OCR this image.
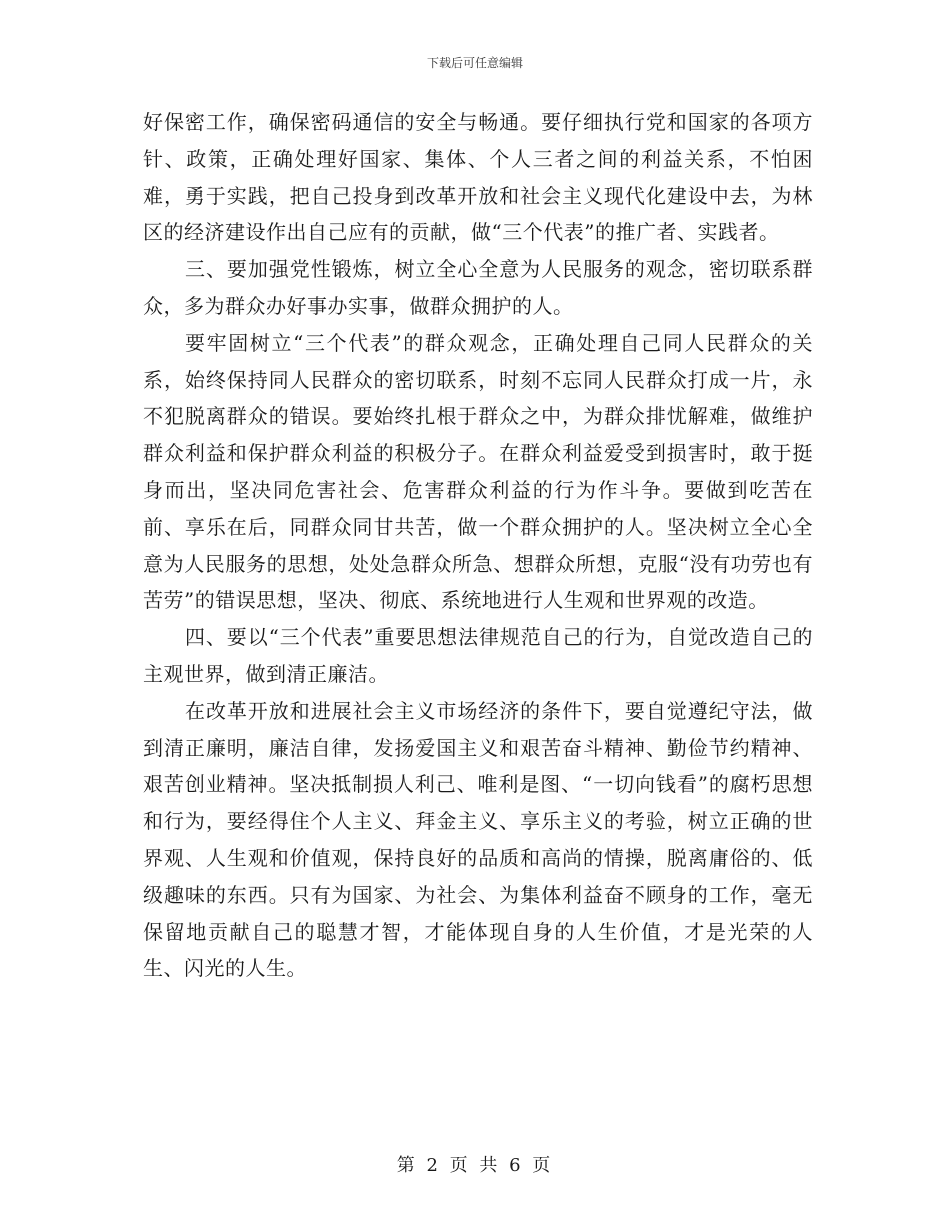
下载后可任意编辑

好保密工作，确保密码通信的安全与畅通。要仔细执行党和国家的各项方针、政策，正确处理好国家、集体、个人三者之间的利益关系，不怕困难，勇于实践，把自己投身到改革开放和社会主义现代化建设中去，为林区的经济建设作出自己应有的贡献，做“三个代表”的推广者、实践者。

三、要加强党性锻炼，树立全心全意为人民服务的观念，密切联系群众，多为群众办好事办实事，做群众拥护的人。

要牢固树立“三个代表”的群众观念，正确处理自己同人民群众的关系，始终保持同人民群众的密切联系，时刻不忘同人民群众打成一片，永不犯脱离群众的错误。要始终扎根于群众之中，为群众排忧解难，做维护群众利益和保护群众利益的积极分子。在群众利益爱受到损害时，敢于挺身而出，坚决同危害社会、危害群众利益的行为作斗争。要做到吃苦在前、享乐在后，同群众同甘共苦，做一个群众拥护的人。坚决树立全心全意为人民服务的思想，处处急群众所急、想群众所想，克服“没有功劳也有苦劳”的错误思想，坚决、彻底、系统地进行人生观和世界观的改造。

四、要以“三个代表”重要思想法律规范自己的行为，自觉改造自己的主观世界，做到清正廉洁。

在改革开放和进展社会主义市场经济的条件下，要自觉遵纪守法，做到清正廉明，廉洁自律，发扬爱国主义和艰苦奋斗精神、勤俭节约精神、艰苦创业精神。坚决抵制损人利己、唯利是图、“一切向钱看”的腐朽思想和行为，要经得住个人主义、拜金主义、享乐主义的考验，树立正确的世界观、人生观和价值观，保持良好的品质和高尚的情操，脱离庸俗的、低级趣味的东西。只有为国家、为社会、为集体利益奋不顾身的工作，毫无保留地贡献自己的聪慧才智，才能体现自身的人生价值，才是光荣的人生、闪光的人生。

第 2 页 共 6 页
